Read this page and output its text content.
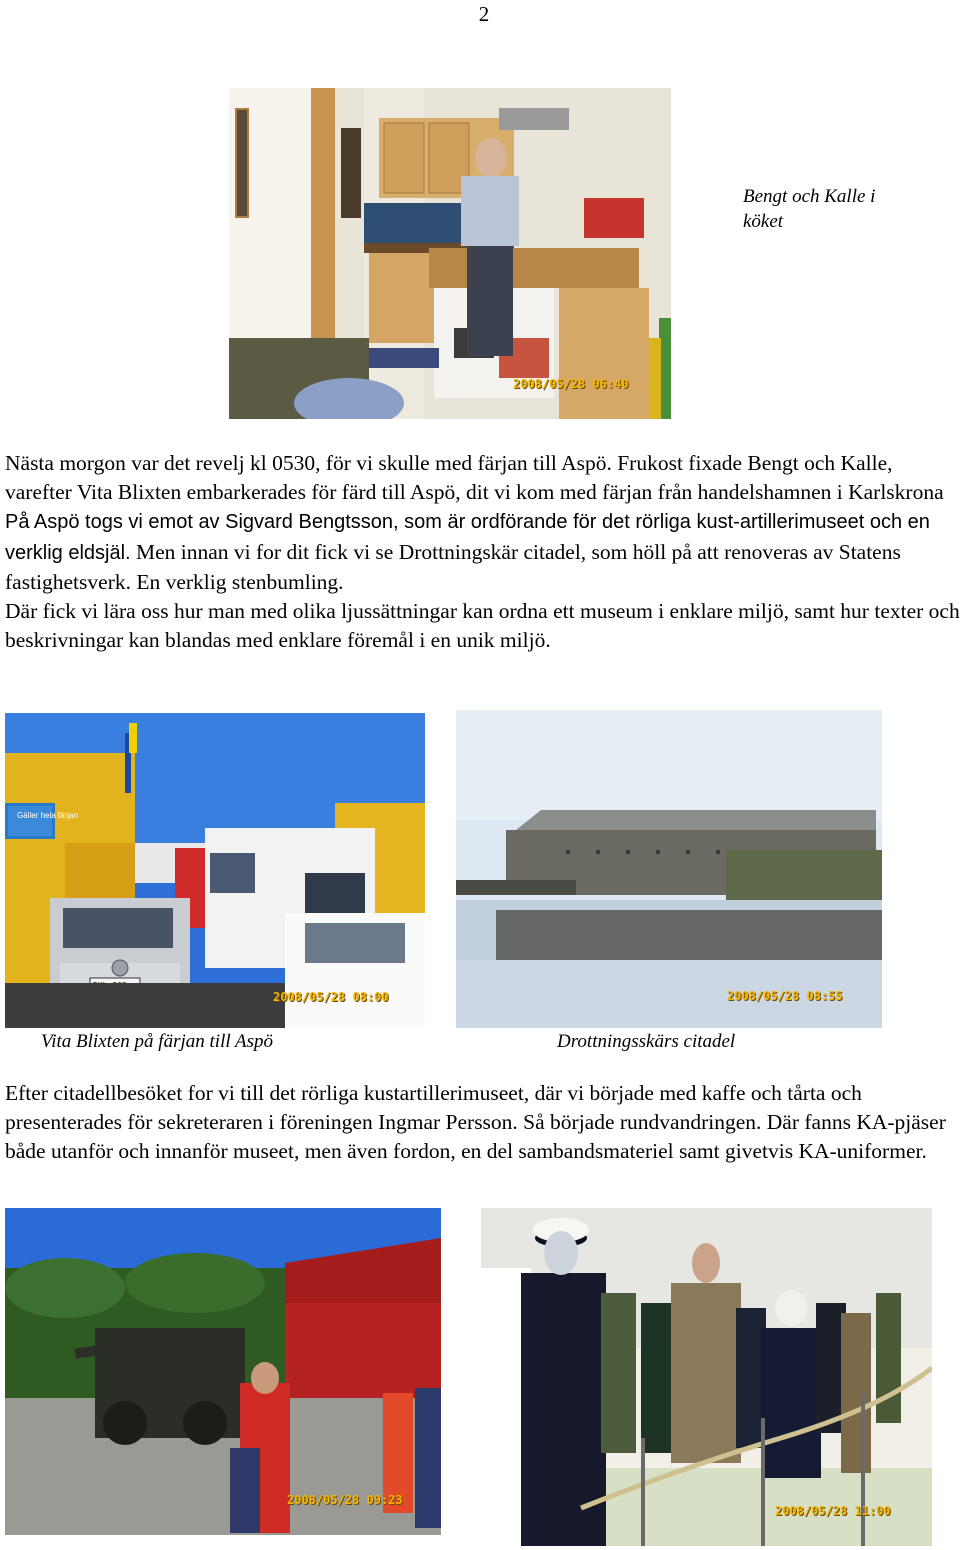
2
2008/05/28 06:40
Bengt och Kalle i köket

Nästa morgon var det revelj kl 0530, för vi skulle med färjan till Aspö. Frukost fixade Bengt och Kalle, varefter Vita Blixten embarkerades för färd till Aspö, dit vi kom med färjan från handelshamnen i Karlskrona

På Aspö togs vi emot av Sigvard Bengtsson, som är ordförande för det rörliga kust-artillerimuseet och en verklig eldsjäl. Men innan vi for dit fick vi se Drottningskär citadel, som höll på att renoveras av Statens fastighetsverk. En verklig stenbumling.

Där fick vi lära oss hur man med olika ljussättningar kan ordna ett museum i enklare miljö, samt hur texter och beskrivningar kan blandas med enklare föremål i en unik miljö.

Gäller hela färjan
2008/05/28 08:00	2008/05/28 08:55
Vita Blixten på färjan till Aspö	Drottningsskärs citadel

Efter citadellbesöket for vi till det rörliga kustartillerimuseet, där vi började med kaffe och tårta och presenterades för sekreteraren i föreningen Ingmar Persson. Så började rundvandringen. Där fanns KA-pjäser både utanför och innanför museet, men även fordon, en del sambandsmateriel samt givetvis KA-uniformer.

2008/05/28 09:23
2008/05/28 11:00
